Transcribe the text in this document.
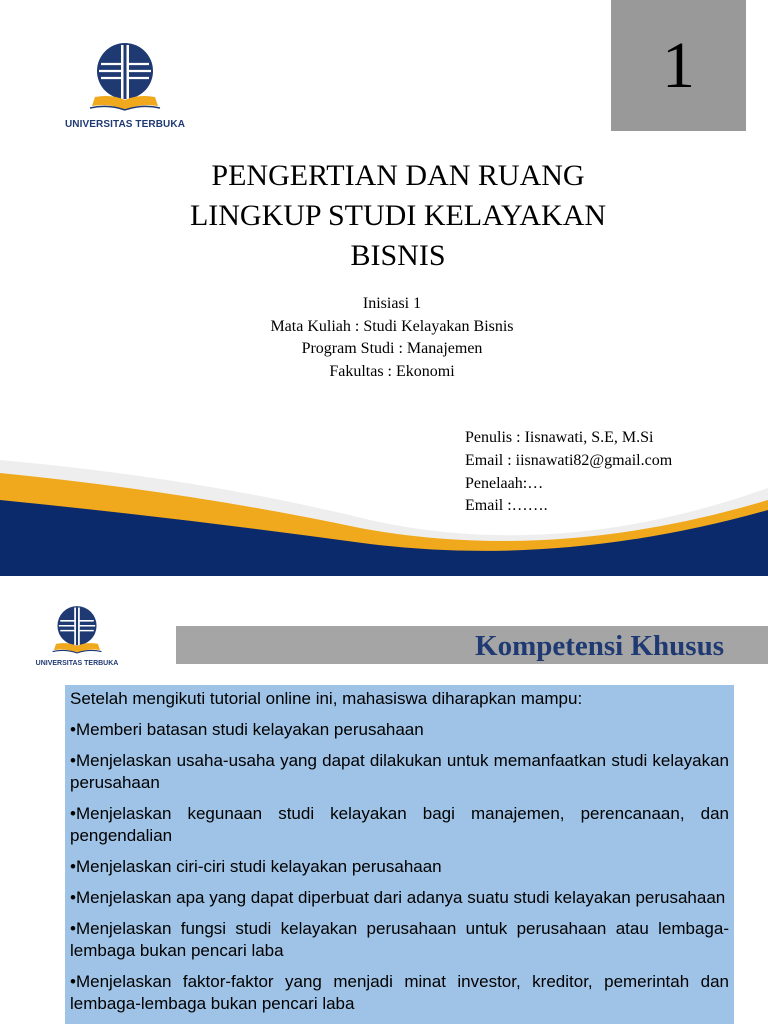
UNIVERSITAS TERBUKA
1
PENGERTIAN DAN RUANG
LINGKUP STUDI KELAYAKAN
BISNIS
Inisiasi 1
Mata Kuliah : Studi Kelayakan Bisnis
Program Studi : Manajemen
Fakultas : Ekonomi
Penulis : Iisnawati, S.E, M.Si
Email : iisnawati82@gmail.com
Penelaah:…
Email :…….
UNIVERSITAS TERBUKA
Kompetensi Khusus
Setelah mengikuti tutorial online ini, mahasiswa diharapkan mampu:
•Memberi batasan studi kelayakan perusahaan
•Menjelaskan usaha-usaha yang dapat dilakukan untuk memanfaatkan studi kelayakan perusahaan
•Menjelaskan kegunaan studi kelayakan bagi manajemen, perencanaan, dan pengendalian
•Menjelaskan ciri-ciri studi kelayakan perusahaan
•Menjelaskan apa yang dapat diperbuat dari adanya suatu studi kelayakan perusahaan
•Menjelaskan fungsi studi kelayakan perusahaan untuk perusahaan atau lembaga-lembaga bukan pencari laba
•Menjelaskan faktor-faktor yang menjadi minat investor, kreditor, pemerintah dan lembaga-lembaga bukan pencari laba
